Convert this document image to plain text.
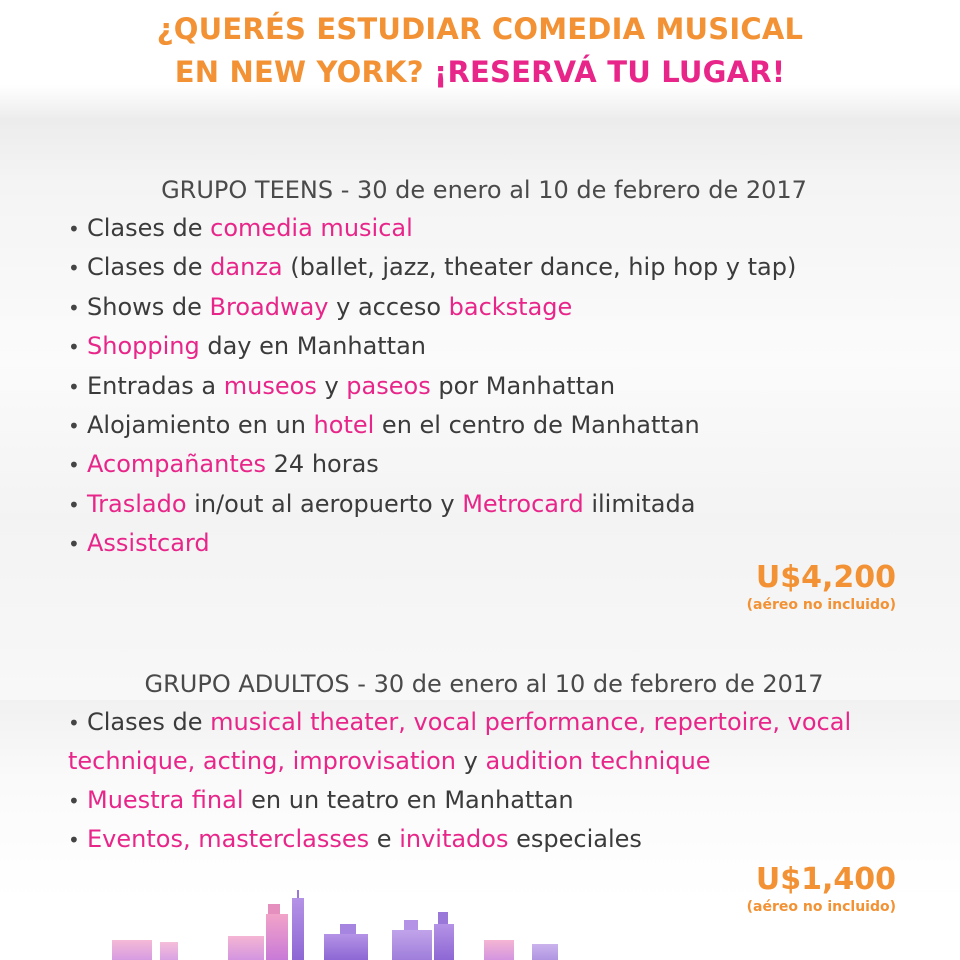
¿QUERÉS ESTUDIAR COMEDIA MUSICAL
EN NEW YORK? ¡RESERVÁ TU LUGAR!
GRUPO TEENS - 30 de enero al 10 de febrero de 2017
• Clases de comedia musical
• Clases de danza (ballet, jazz, theater dance, hip hop y tap)
• Shows de Broadway y acceso backstage
• Shopping day en Manhattan
• Entradas a museos y paseos por Manhattan
• Alojamiento en un hotel en el centro de Manhattan
• Acompañantes 24 horas
• Traslado in/out al aeropuerto y Metrocard ilimitada
• Assistcard
U$4,200
(aéreo no incluido)
GRUPO ADULTOS - 30 de enero al 10 de febrero de 2017
• Clases de musical theater, vocal performance, repertoire, vocal technique, acting, improvisation y audition technique
• Muestra final en un teatro en Manhattan
• Eventos, masterclasses e invitados especiales
U$1,400
(aéreo no incluido)
